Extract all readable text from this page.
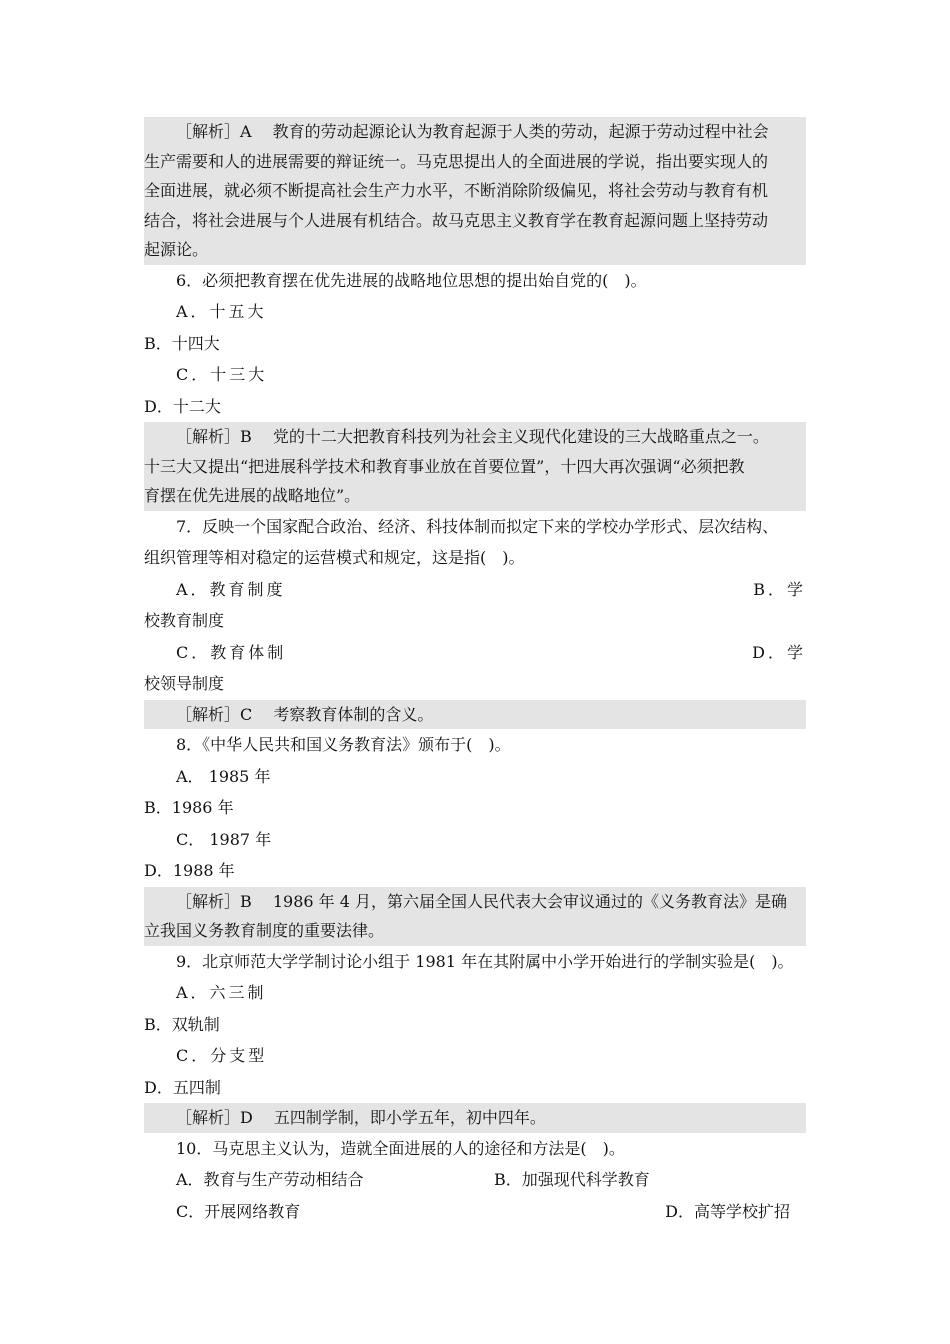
［解析］A　 教育的劳动起源论认为教育起源于人类的劳动，起源于劳动过程中社会
生产需要和人的进展需要的辩证统一。马克思提出人的全面进展的学说，指出要实现人的
全面进展，就必须不断提高社会生产力水平，不断消除阶级偏见，将社会劳动与教育有机
结合，将社会进展与个人进展有机结合。故马克思主义教育学在教育起源问题上坚持劳动
起源论。
6．必须把教育摆在优先进展的战略地位思想的提出始自党的(　)。
A．十五大
B．十四大
C．十三大
D．十二大
［解析］B　 党的十二大把教育科技列为社会主义现代化建设的三大战略重点之一。
十三大又提出“把进展科学技术和教育事业放在首要位置”，十四大再次强调“必须把教
育摆在优先进展的战略地位”。
7．反映一个国家配合政治、经济、科技体制而拟定下来的学校办学形式、层次结构、
组织管理等相对稳定的运营模式和规定，这是指(　)。
A．教育制度	B．学
校教育制度
C．教育体制	D．学
校领导制度
［解析］C　 考察教育体制的含义。
8．《中华人民共和国义务教育法》颁布于(　)。
A． 1985 年
B．1986 年
C． 1987 年
D．1988 年
［解析］B　 1986 年 4 月，第六届全国人民代表大会审议通过的《义务教育法》是确
立我国义务教育制度的重要法律。
9．北京师范大学学制讨论小组于 1981 年在其附属中小学开始进行的学制实验是(　)。
A．六三制
B．双轨制
C．分支型
D．五四制
［解析］D　 五四制学制，即小学五年，初中四年。
10．马克思主义认为，造就全面进展的人的途径和方法是(　)。
A．教育与生产劳动相结合	B．加强现代科学教育
C．开展网络教育	D．高等学校扩招
